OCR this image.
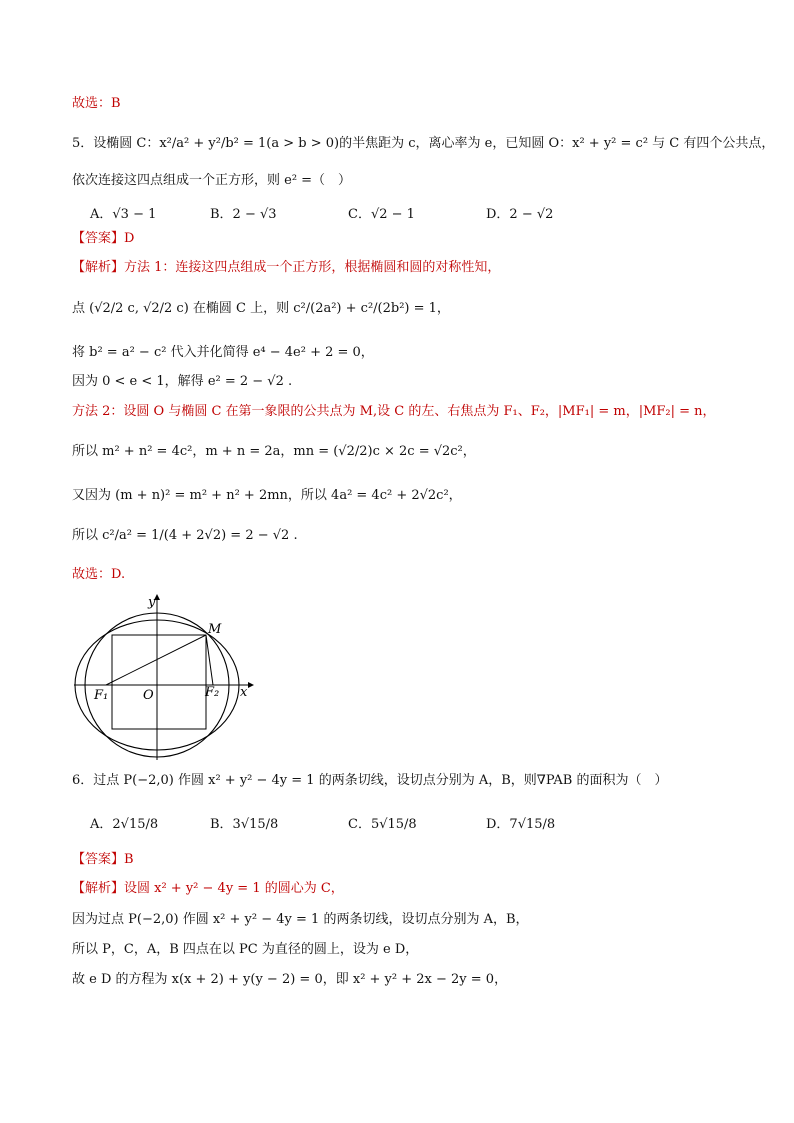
故选：B
5．设椭圆 C：x²/a² + y²/b² = 1(a > b > 0)的半焦距为 c，离心率为 e，已知圆 O：x² + y² = c² 与 C 有四个公共点，
依次连接这四点组成一个正方形，则 e² =（　）
A．√3 − 1	B．2 − √3	C．√2 − 1	D．2 − √2
【答案】D
【解析】方法 1：连接这四点组成一个正方形，根据椭圆和圆的对称性知，
点 (√2/2 c, √2/2 c) 在椭圆 C 上，则 c²/(2a²) + c²/(2b²) = 1，
将 b² = a² − c² 代入并化简得 e⁴ − 4e² + 2 = 0，
因为 0 < e < 1，解得 e² = 2 − √2 .
方法 2：设圆 O 与椭圆 C 在第一象限的公共点为 M,设 C 的左、右焦点为 F₁、F₂，|MF₁| = m，|MF₂| = n，
所以 m² + n² = 4c²，m + n = 2a，mn = (√2/2)c × 2c = √2c²，
又因为 (m + n)² = m² + n² + 2mn，所以 4a² = 4c² + 2√2c²，
所以 c²/a² = 1/(4 + 2√2) = 2 − √2 .
故选：D.
y
x
M
O
F₁	F₂
6．过点 P(−2,0) 作圆 x² + y² − 4y = 1 的两条切线，设切点分别为 A，B，则∇PAB 的面积为（　）
A．2√15/8	B．3√15/8	C．5√15/8	D．7√15/8
【答案】B
【解析】设圆 x² + y² − 4y = 1 的圆心为 C，
因为过点 P(−2,0) 作圆 x² + y² − 4y = 1 的两条切线，设切点分别为 A，B，
所以 P，C，A，B 四点在以 PC 为直径的圆上，设为 e D，
故 e D 的方程为 x(x + 2) + y(y − 2) = 0，即 x² + y² + 2x − 2y = 0，
